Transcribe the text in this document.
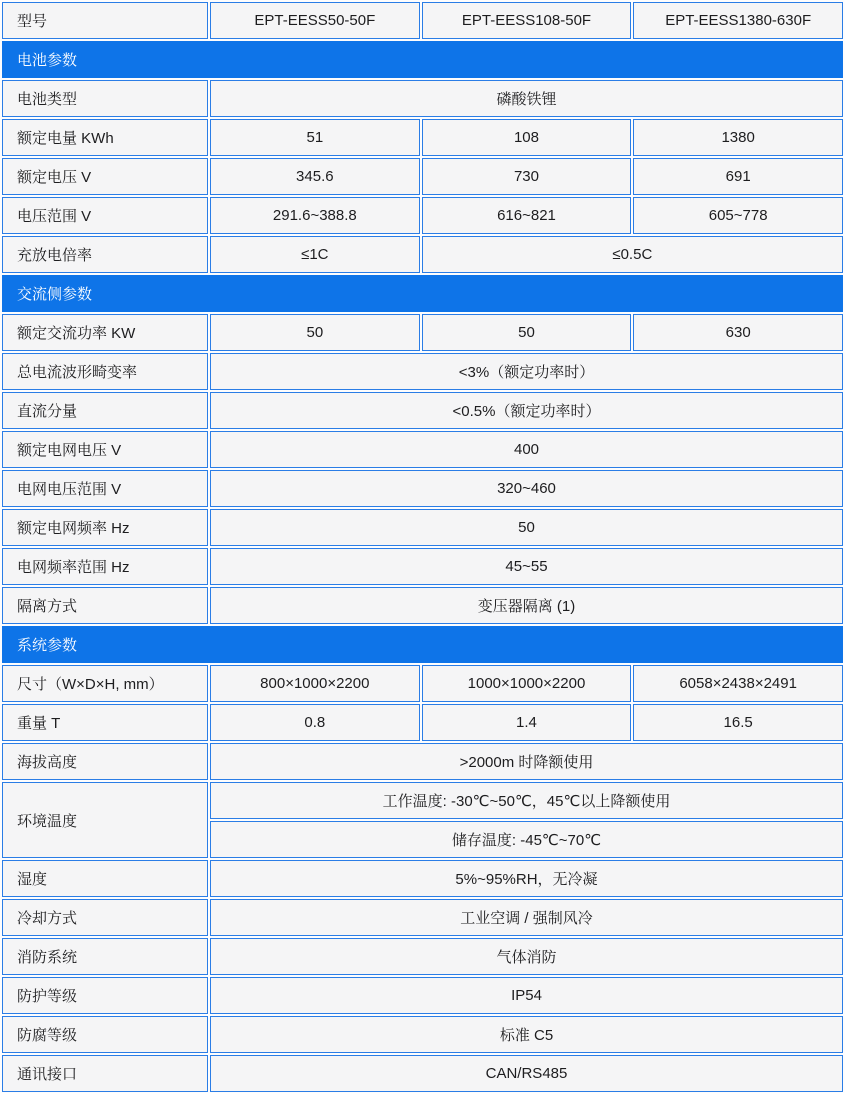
型号	EPT-EESS50-50F	EPT-EESS108-50F	EPT-EESS1380-630F
电池参数			
电池类型	磷酸铁锂		
额定电量 KWh	51	108	1380
额定电压 V	345.6	730	691
电压范围 V	291.6~388.8	616~821	605~778
充放电倍率	≤1C	≤0.5C	
交流侧参数			
额定交流功率 KW	50	50	630
总电流波形畸变率	<3%（额定功率时）		
直流分量	<0.5%（额定功率时）		
额定电网电压 V	400		
电网电压范围 V	320~460		
额定电网频率 Hz	50		
电网频率范围 Hz	45~55		
隔离方式	变压器隔离 (1)		
系统参数			
尺寸（W×D×H, mm）	800×1000×2200	1000×1000×2200	6058×2438×2491
重量 T	0.8	1.4	16.5
海拔高度	>2000m 时降额使用		
环境温度	工作温度: -30℃~50℃，45℃以上降额使用		
	储存温度: -45℃~70℃		
湿度	5%~95%RH，无冷凝		
冷却方式	工业空调 / 强制风冷		
消防系统	气体消防		
防护等级	IP54		
防腐等级	标准 C5		
通讯接口	CAN/RS485		
